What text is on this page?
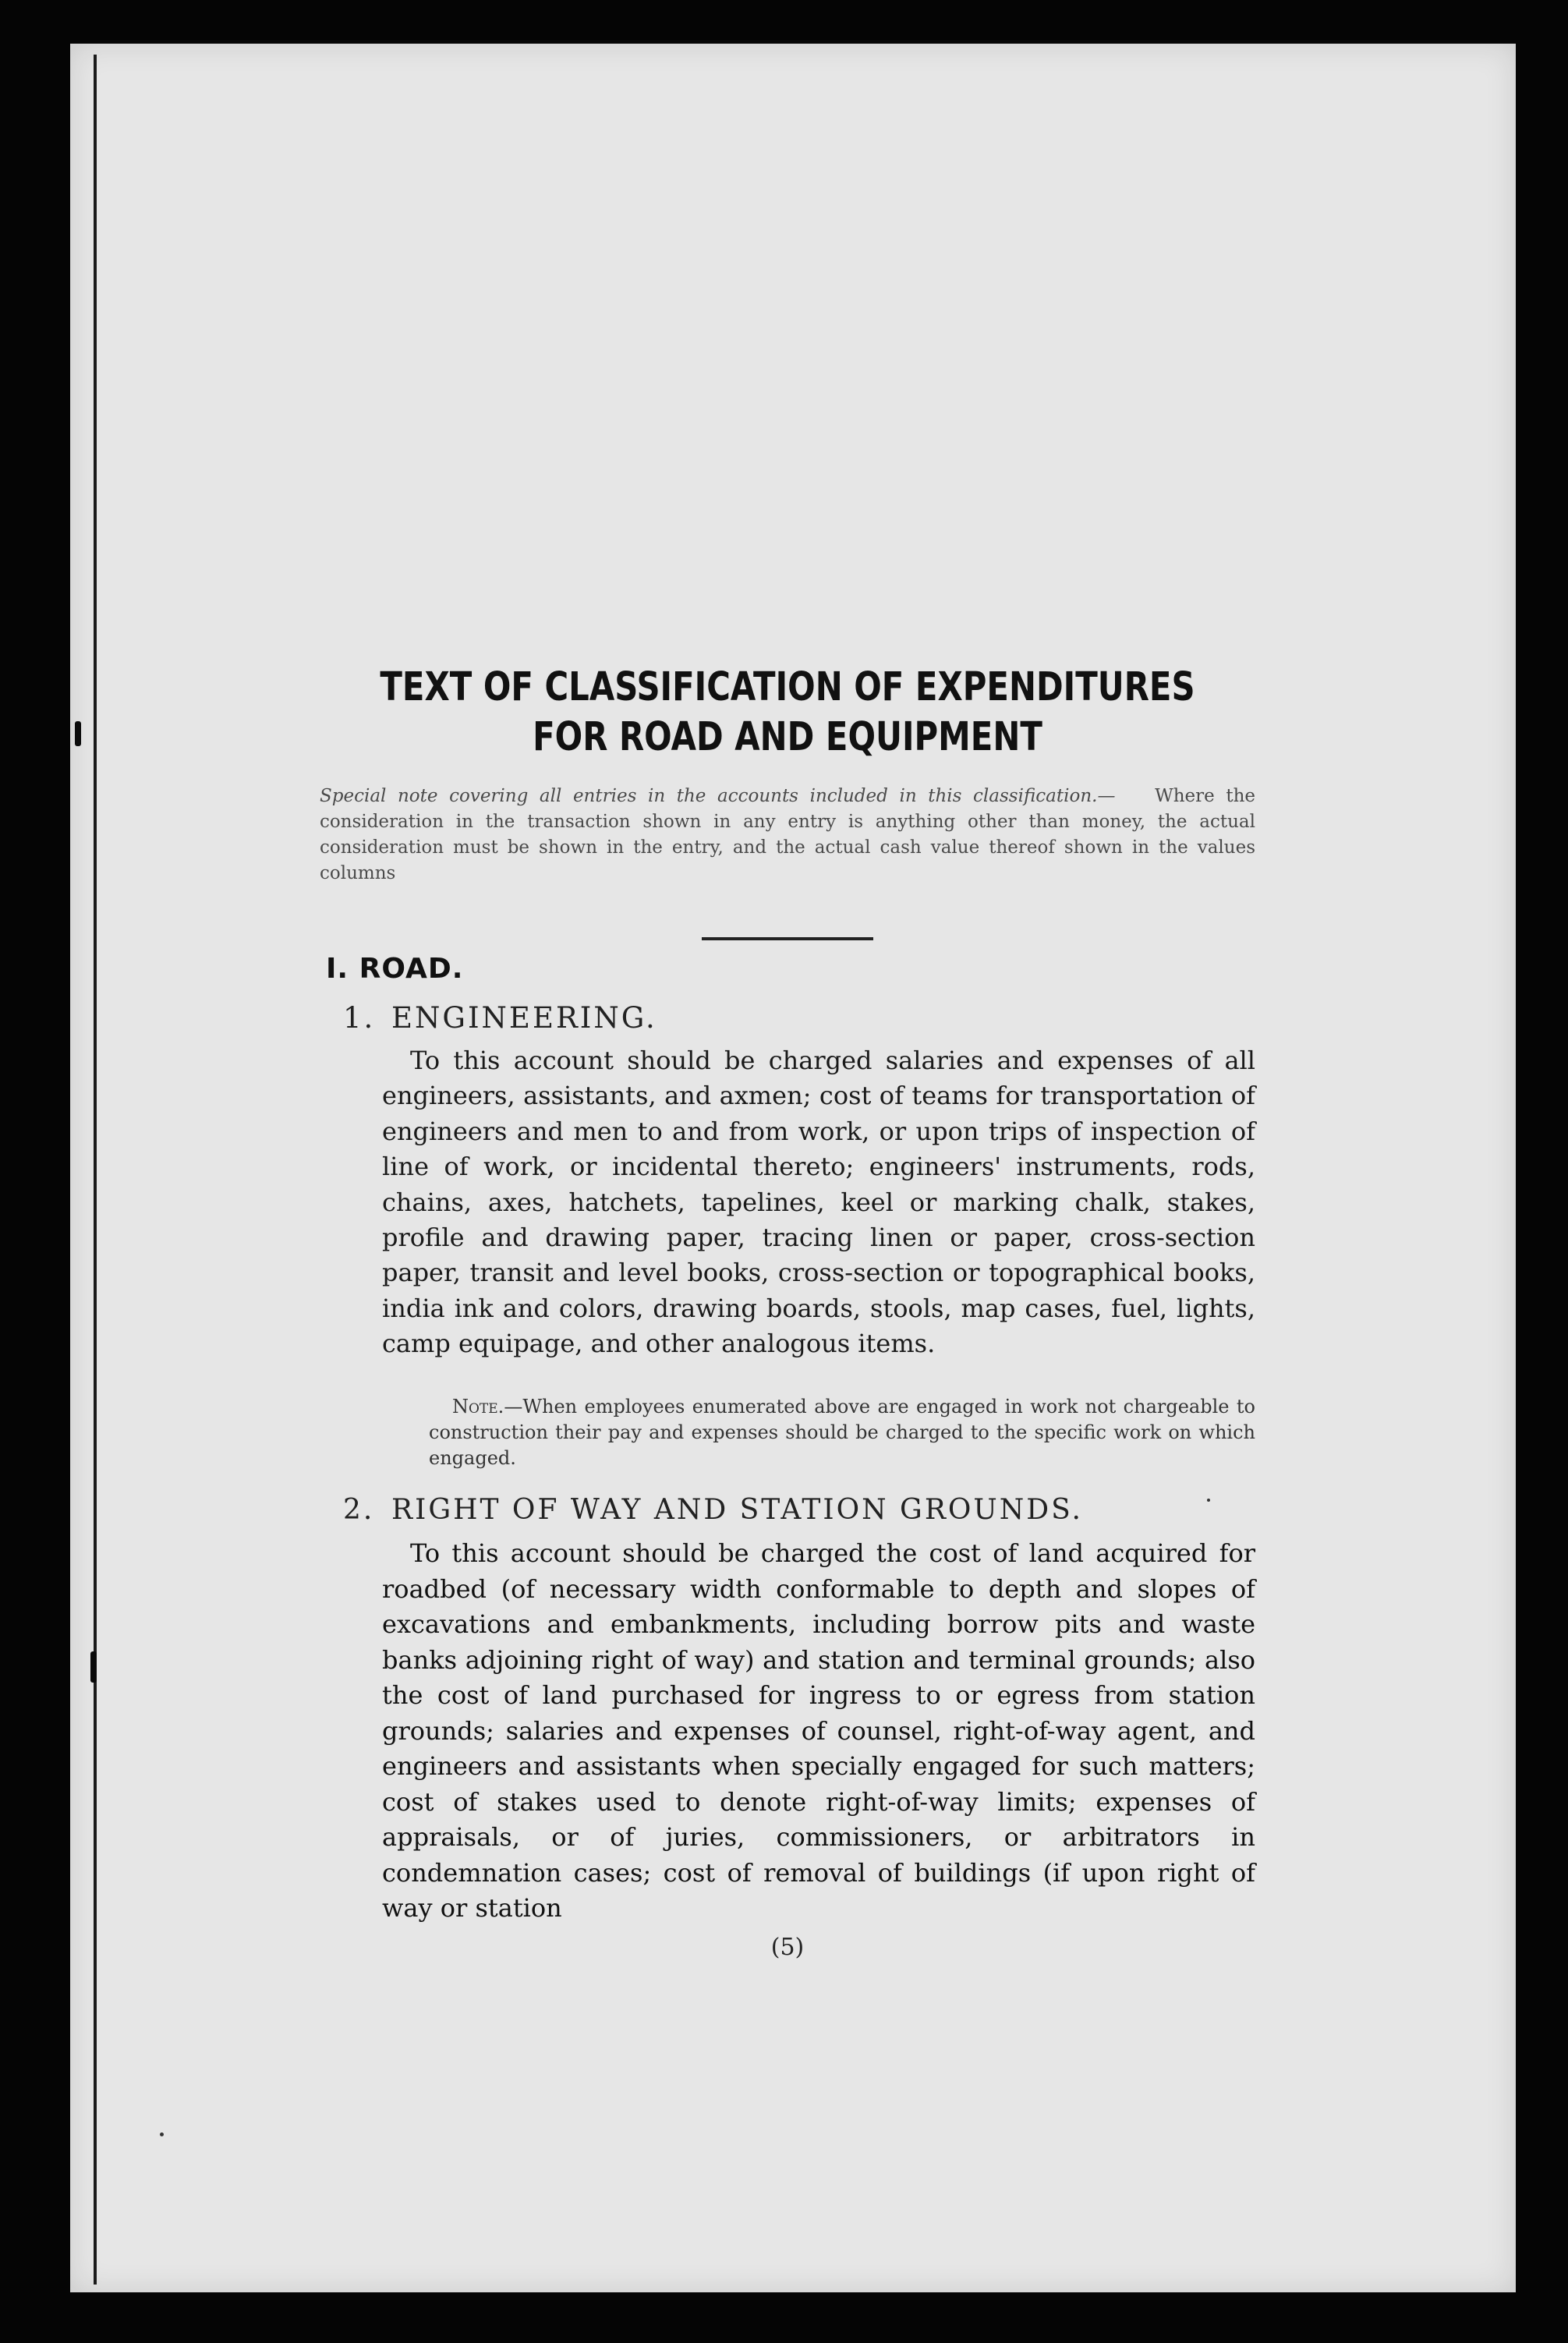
TEXT OF CLASSIFICATION OF EXPENDITURES FOR ROAD AND EQUIPMENT
Special note covering all entries in the accounts included in this classification.— Where the consideration in the transaction shown in any entry is anything other than money, the actual consideration must be shown in the entry, and the actual cash value thereof shown in the values columns
I. ROAD.
1. ENGINEERING.
To this account should be charged salaries and expenses of all engineers, assistants, and axmen; cost of teams for transportation of engineers and men to and from work, or upon trips of inspection of line of work, or incidental thereto; engineers' instruments, rods, chains, axes, hatchets, tapelines, keel or marking chalk, stakes, profile and drawing paper, tracing linen or paper, cross-section paper, transit and level books, cross-section or topographical books, india ink and colors, drawing boards, stools, map cases, fuel, lights, camp equipage, and other analogous items.
Note.—When employees enumerated above are engaged in work not chargeable to construction their pay and expenses should be charged to the specific work on which engaged.
2. RIGHT OF WAY AND STATION GROUNDS.
To this account should be charged the cost of land acquired for roadbed (of necessary width conformable to depth and slopes of excavations and embankments, including borrow pits and waste banks adjoining right of way) and station and terminal grounds; also the cost of land purchased for ingress to or egress from station grounds; salaries and expenses of counsel, right-of-way agent, and engineers and assistants when specially engaged for such matters; cost of stakes used to denote right-of-way limits; expenses of appraisals, or of juries, commissioners, or arbitrators in condemnation cases; cost of removal of buildings (if upon right of way or station
(5)
